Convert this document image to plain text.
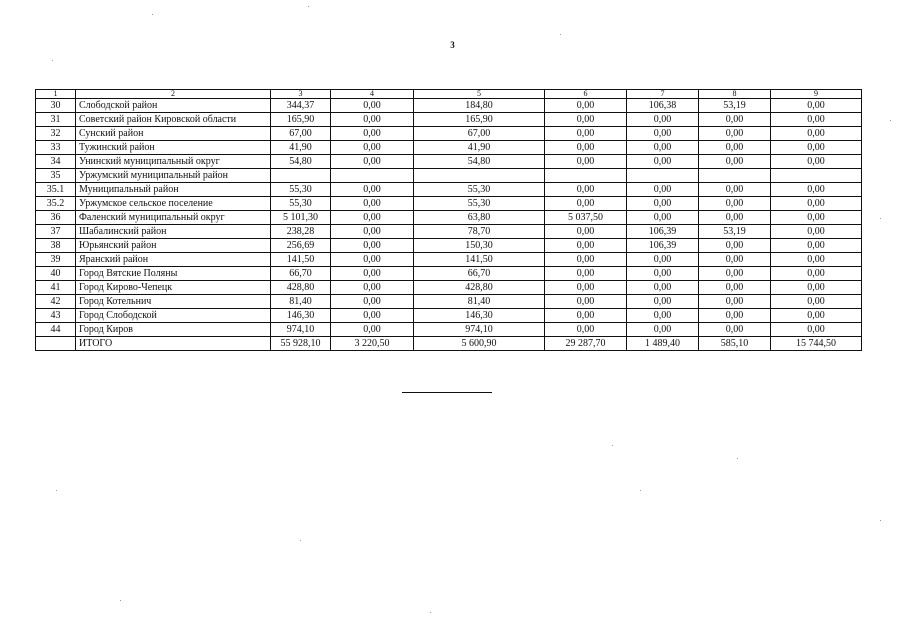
3
1	2	3	4	5	6	7	8	9
30	Слободской район	344,37	0,00	184,80	0,00	106,38	53,19	0,00
31	Советский район Кировской области	165,90	0,00	165,90	0,00	0,00	0,00	0,00
32	Сунский район	67,00	0,00	67,00	0,00	0,00	0,00	0,00
33	Тужинский район	41,90	0,00	41,90	0,00	0,00	0,00	0,00
34	Унинский муниципальный округ	54,80	0,00	54,80	0,00	0,00	0,00	0,00
35	Уржумский муниципальный район							
35.1	Муниципальный район	55,30	0,00	55,30	0,00	0,00	0,00	0,00
35.2	Уржумское сельское поселение	55,30	0,00	55,30	0,00	0,00	0,00	0,00
36	Фаленский муниципальный округ	5 101,30	0,00	63,80	5 037,50	0,00	0,00	0,00
37	Шабалинский район	238,28	0,00	78,70	0,00	106,39	53,19	0,00
38	Юрьянский район	256,69	0,00	150,30	0,00	106,39	0,00	0,00
39	Яранский район	141,50	0,00	141,50	0,00	0,00	0,00	0,00
40	Город Вятские Поляны	66,70	0,00	66,70	0,00	0,00	0,00	0,00
41	Город Кирово-Чепецк	428,80	0,00	428,80	0,00	0,00	0,00	0,00
42	Город Котельнич	81,40	0,00	81,40	0,00	0,00	0,00	0,00
43	Город Слободской	146,30	0,00	146,30	0,00	0,00	0,00	0,00
44	Город Киров	974,10	0,00	974,10	0,00	0,00	0,00	0,00
	ИТОГО	55 928,10	3 220,50	5 600,90	29 287,70	1 489,40	585,10	15 744,50
